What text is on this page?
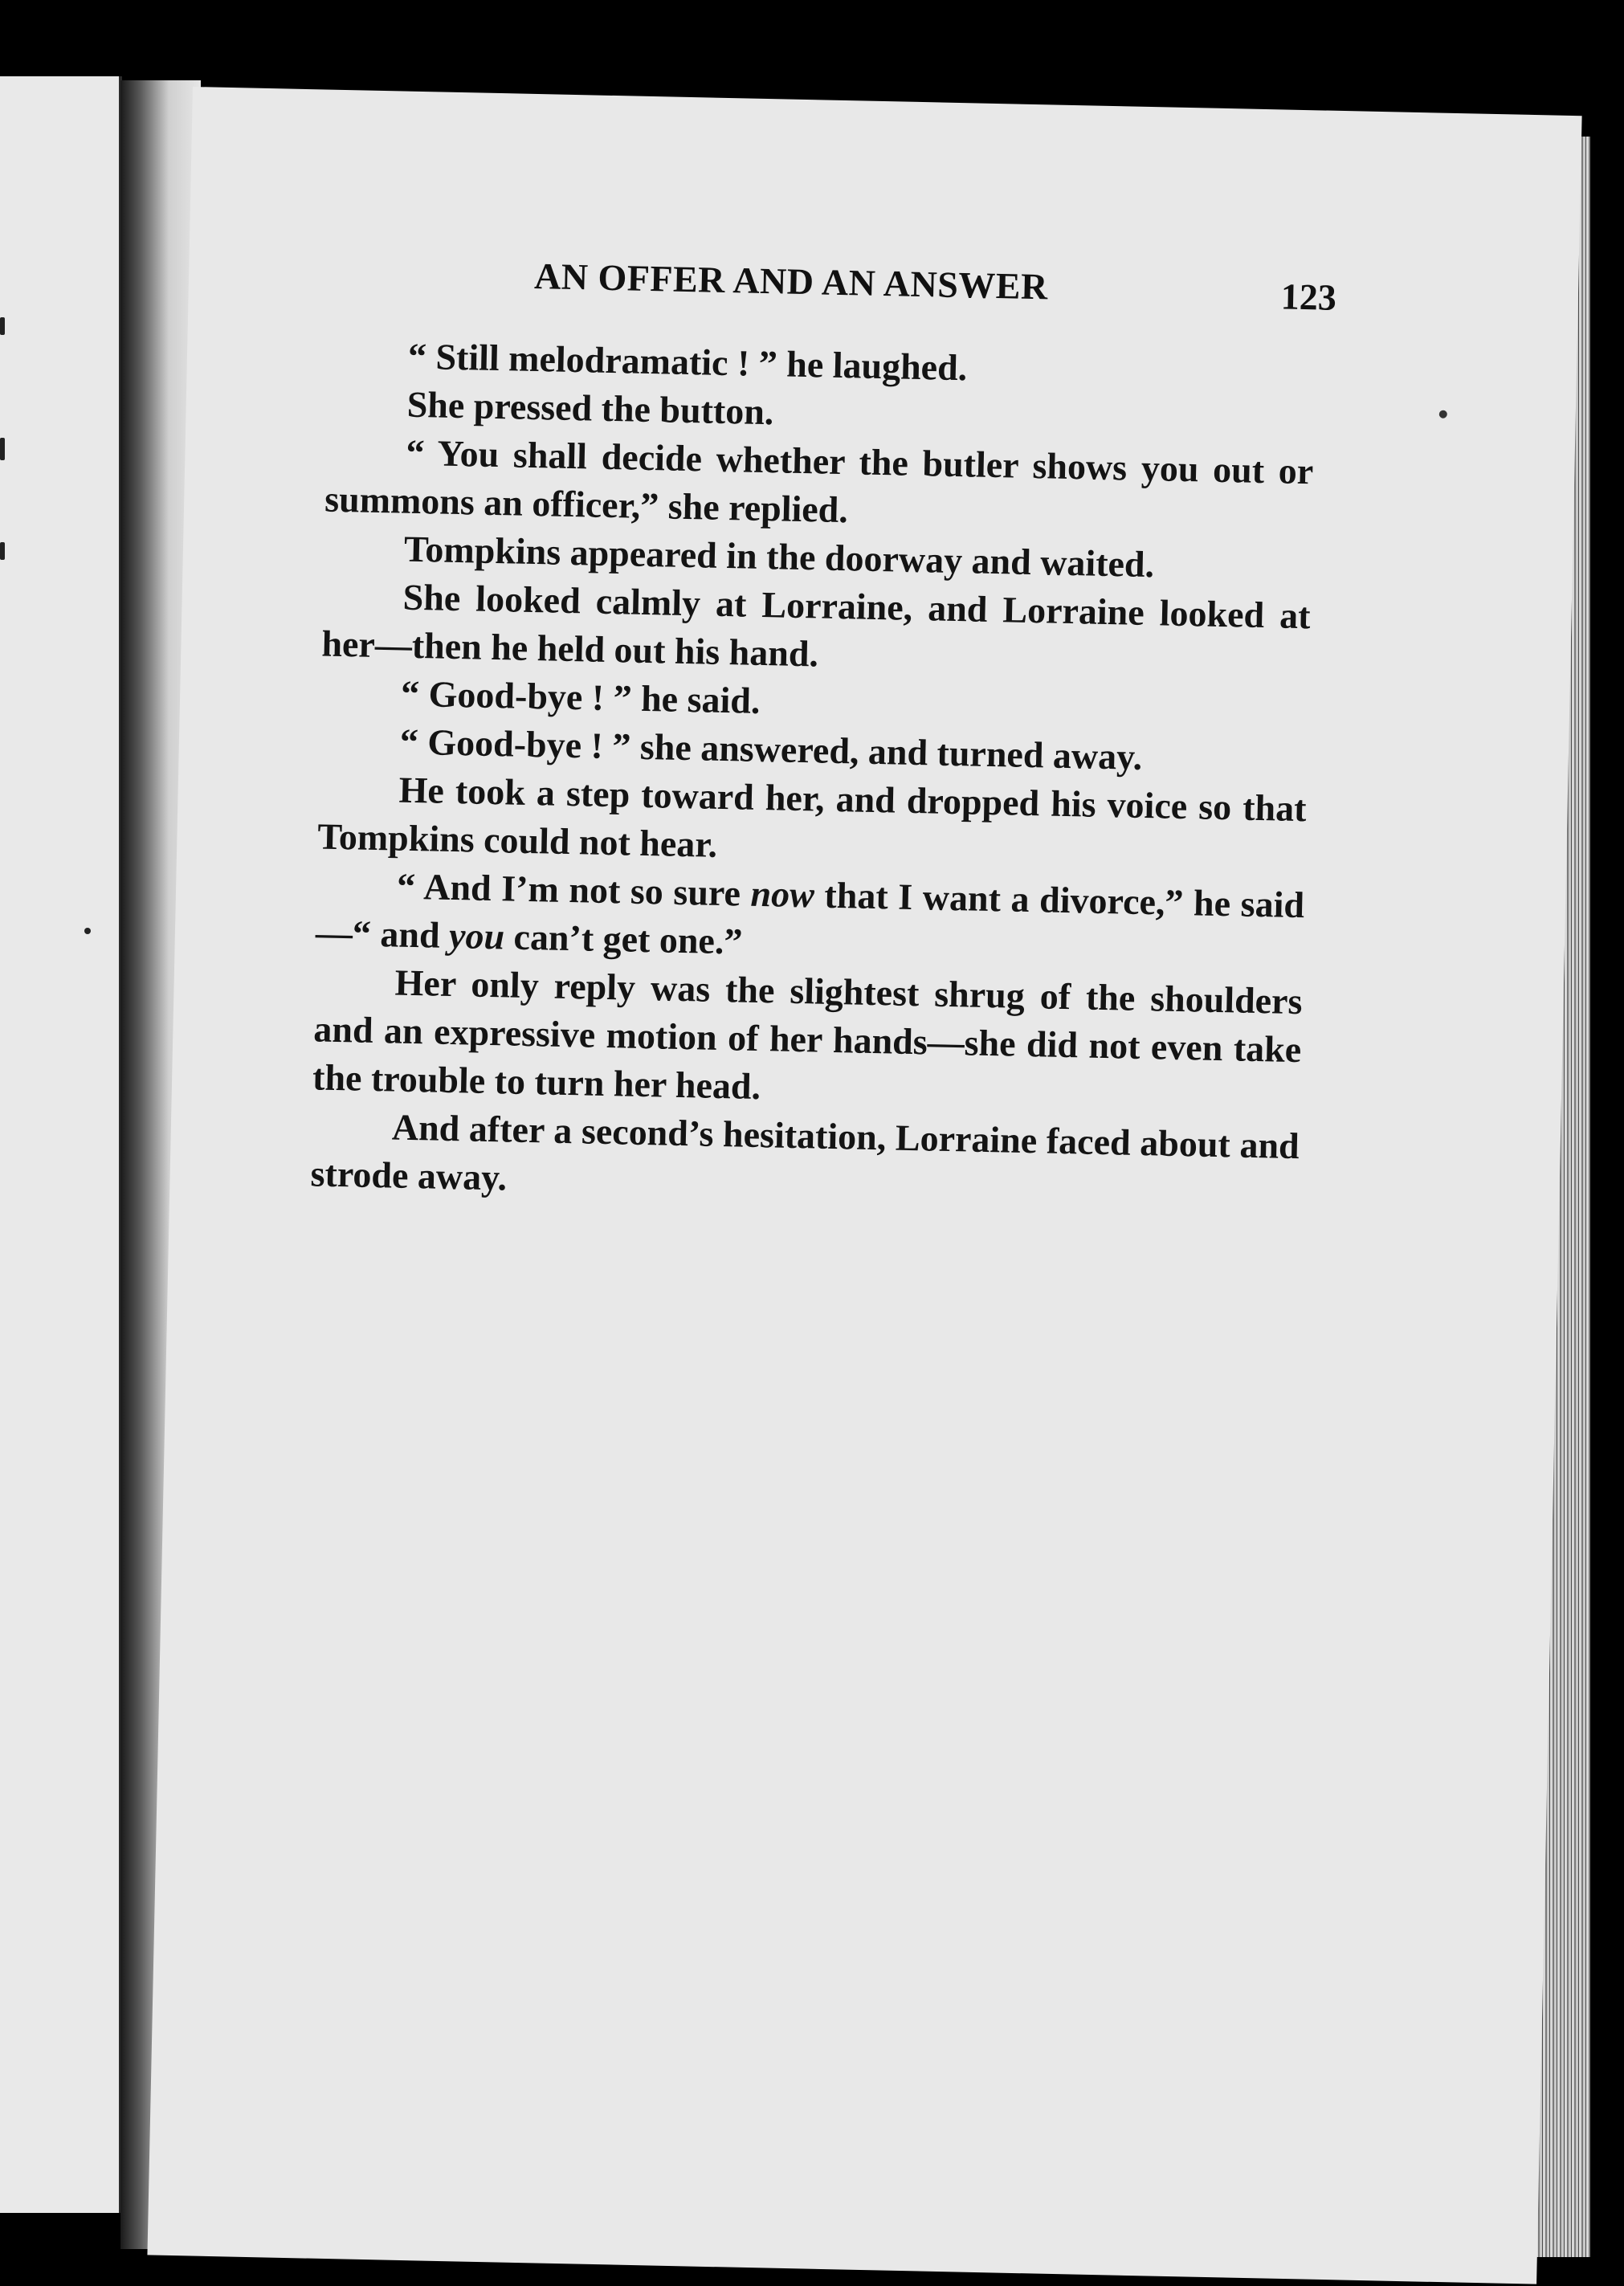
AN OFFER AND AN ANSWER	123

“ Still melodramatic ! ” he laughed.

She pressed the button.

“ You shall decide whether the butler shows you out or summons an officer,” she replied.

Tompkins appeared in the doorway and waited.

She looked calmly at Lorraine, and Lorraine looked at her—then he held out his hand.

“ Good-bye ! ” he said.

“ Good-bye ! ” she answered, and turned away.

He took a step toward her, and dropped his voice so that Tompkins could not hear.

“ And I’m not so sure now that I want a divorce,” he said—“ and you can’t get one.”

Her only reply was the slightest shrug of the shoulders and an expressive motion of her hands—she did not even take the trouble to turn her head.

And after a second’s hesitation, Lorraine faced about and strode away.
